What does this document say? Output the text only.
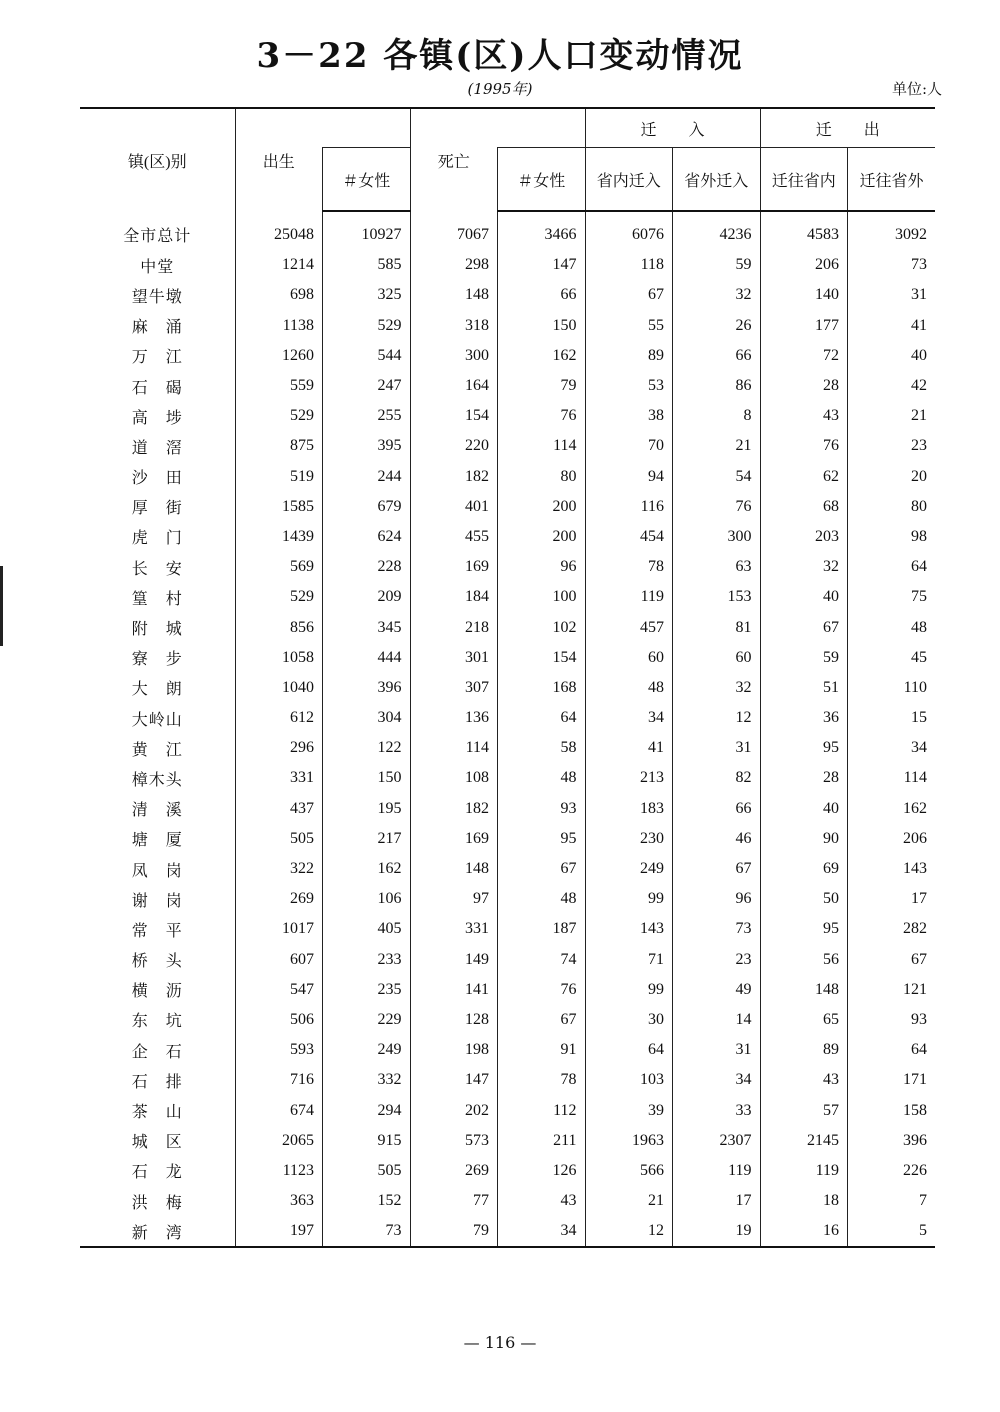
3－22 各镇(区)人口变动情况
(1995年)	单位:人
镇(区)别	出生		死亡		迁　　入		迁　　出	
		＃女性		＃女性	省内迁入	省外迁入	迁往省内	迁往省外
全市总计	25048	10927	7067	3466	6076	4236	4583	3092
中堂	1214	585	298	147	118	59	206	73
望牛墩	698	325	148	66	67	32	140	31
麻　涌	1138	529	318	150	55	26	177	41
万　江	1260	544	300	162	89	66	72	40
石　碣	559	247	164	79	53	86	28	42
高　埗	529	255	154	76	38	8	43	21
道　滘	875	395	220	114	70	21	76	23
沙　田	519	244	182	80	94	54	62	20
厚　街	1585	679	401	200	116	76	68	80
虎　门	1439	624	455	200	454	300	203	98
长　安	569	228	169	96	78	63	32	64
篁　村	529	209	184	100	119	153	40	75
附　城	856	345	218	102	457	81	67	48
寮　步	1058	444	301	154	60	60	59	45
大　朗	1040	396	307	168	48	32	51	110
大岭山	612	304	136	64	34	12	36	15
黄　江	296	122	114	58	41	31	95	34
樟木头	331	150	108	48	213	82	28	114
清　溪	437	195	182	93	183	66	40	162
塘　厦	505	217	169	95	230	46	90	206
凤　岗	322	162	148	67	249	67	69	143
谢　岗	269	106	97	48	99	96	50	17
常　平	1017	405	331	187	143	73	95	282
桥　头	607	233	149	74	71	23	56	67
横　沥	547	235	141	76	99	49	148	121
东　坑	506	229	128	67	30	14	65	93
企　石	593	249	198	91	64	31	89	64
石　排	716	332	147	78	103	34	43	171
茶　山	674	294	202	112	39	33	57	158
城　区	2065	915	573	211	1963	2307	2145	396
石　龙	1123	505	269	126	566	119	119	226
洪　梅	363	152	77	43	21	17	18	7
新　湾	197	73	79	34	12	19	16	5
— 116 —
